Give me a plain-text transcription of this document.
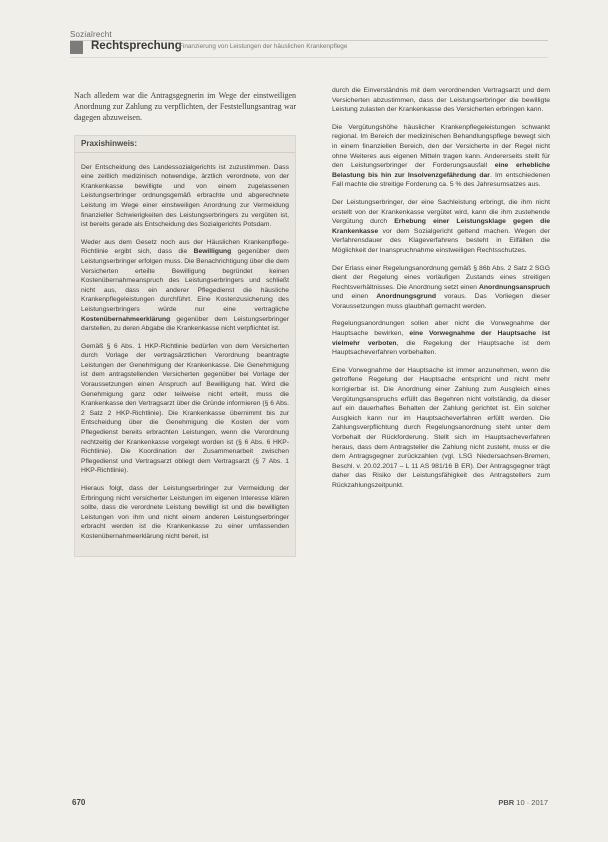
Sozialrecht
Rechtsprechung
Finanzierung von Leistungen der häuslichen Krankenpflege

Nach alledem war die Antragsgegnerin im Wege der einstweiligen Anordnung zur Zahlung zu verpflichten, der Feststellungsantrag war dagegen abzuweisen.

Praxishinweis:

Der Entscheidung des Landessozialgerichts ist zuzustimmen. Dass eine zeitlich medizinisch notwendige, ärztlich verordnete, von der Krankenkasse bewilligte und von einem zugelassenen Leistungserbringer ordnungsgemäß erbrachte und abgerechnete Leistung im Wege einer einstweiligen Anordnung zur Vermeidung finanzieller Schwierigkeiten des Leistungserbringers zu vergüten ist, ist bereits gerade als Entscheidung des Sozialgerichts Potsdam.

Weder aus dem Gesetz noch aus der Häuslichen Krankenpflege-Richtlinie ergibt sich, dass die Bewilligung gegenüber dem Leistungserbringer erfolgen muss. Die Benachrichtigung über die dem Versicherten erteilte Bewilligung begründet keinen Kostenübernahmeanspruch des Leistungserbringers und schließt nicht aus, dass ein anderer Pflegedienst die häusliche Krankenpflegeleistungen durchführt. Eine Kostenzusicherung des Leistungserbringers würde nur eine vertragliche Kostenübernahmeerklärung gegenüber dem Leistungserbringer darstellen, zu deren Abgabe die Krankenkasse nicht verpflichtet ist.

Gemäß § 6 Abs. 1 HKP-Richtlinie bedürfen von dem Versicherten durch Vorlage der vertragsärztlichen Verordnung beantragte Leistungen der Genehmigung der Krankenkasse. Die Genehmigung ist dem antragstellenden Versicherten gegenüber bei Vorlage der Voraussetzungen einen Anspruch auf Bewilligung hat. Wird die Genehmigung ganz oder teilweise nicht erteilt, muss die Krankenkasse den Vertragsarzt über die Gründe informieren (§ 6 Abs. 2 Satz 2 HKP-Richtlinie). Die Krankenkasse übernimmt bis zur Entscheidung über die Genehmigung die Kosten der vom Pflegedienst bereits erbrachten Leistungen, wenn die Verordnung rechtzeitig der Krankenkasse vorgelegt worden ist (§ 6 Abs. 6 HKP-Richtlinie). Die Koordination der Zusammenarbeit zwischen Pflegedienst und Vertragsarzt obliegt dem Vertragsarzt (§ 7 Abs. 1 HKP-Richtlinie).

Hieraus folgt, dass der Leistungserbringer zur Vermeidung der Erbringung nicht versicherter Leistungen im eigenen Interesse klären sollte, dass die verordnete Leistung bewilligt ist und die bewilligten Leistungen von ihm und nicht einem anderen Leistungserbringer erbracht werden ist die Krankenkasse zu einer umfassenden Kostenübernahmeerklärung nicht bereit, ist

durch die Einverständnis mit dem verordnenden Vertragsarzt und dem Versicherten abzustimmen, dass der Leistungserbringer die bewilligte Leistung zulasten der Krankenkasse des Versicherten erbringen kann.

Die Vergütungshöhe häuslicher Krankenpflegeleistungen schwankt regional. Im Bereich der medizinischen Behandlungspflege bewegt sich in einem finanziellen Bereich, den der Versicherte in der Regel nicht ohne Weiteres aus eigenen Mitteln tragen kann. Andererseits stellt für den Leistungserbringer der Forderungsausfall eine erhebliche Belastung bis hin zur Insolvenzgefährdung dar. Im entschiedenen Fall machte die streitige Forderung ca. 5 % des Jahresumsatzes aus.

Der Leistungserbringer, der eine Sachleistung erbringt, die ihm nicht erstellt von der Krankenkasse vergütet wird, kann die ihm zustehende Vergütung durch Erhebung einer Leistungsklage gegen die Krankenkasse vor dem Sozialgericht geltend machen. Wegen der Verfahrensdauer des Klageverfahrens besteht in Eilfällen die Möglichkeit der Inanspruchnahme einstweiligen Rechtsschutzes.

Der Erlass einer Regelungsanordnung gemäß § 86b Abs. 2 Satz 2 SGG dient der Regelung eines vorläufigen Zustands eines streitigen Rechtsverhältnisses. Die Anordnung setzt einen Anordnungsanspruch und einen Anordnungsgrund voraus. Das Vorliegen dieser Voraussetzungen muss glaubhaft gemacht werden.

Regelungsanordnungen sollen aber nicht die Vorwegnahme der Hauptsache bewirken, eine Vorwegnahme der Hauptsache ist vielmehr verboten, die Regelung der Hauptsache ist dem Hauptsacheverfahren vorbehalten.

Eine Vorwegnahme der Hauptsache ist immer anzunehmen, wenn die getroffene Regelung der Hauptsache entspricht und nicht mehr korrigierbar ist. Die Anordnung einer Zahlung zum Ausgleich eines Vergütungsanspruchs erfüllt das Begehren nicht vollständig, da dieser auf ein dauerhaftes Behalten der Zahlung gerichtet ist. Ein solcher Ausgleich kann nur im Hauptsacheverfahren erfüllt werden. Die Zahlungsverpflichtung durch Regelungsanordnung steht unter dem Vorbehalt der Rückforderung. Stellt sich im Hauptsacheverfahren heraus, dass dem Antragsteller die Zahlung nicht zusteht, muss er die dem Antragsgegner zurückzahlen (vgl. LSG Niedersachsen-Bremen, Beschl. v. 20.02.2017 – L 11 AS 981/16 B ER). Der Antragsgegner trägt daher das Risiko der Leistungsfähigkeit des Antragstellers zum Rückzahlungszeitpunkt.

670	PBR 10 · 2017
